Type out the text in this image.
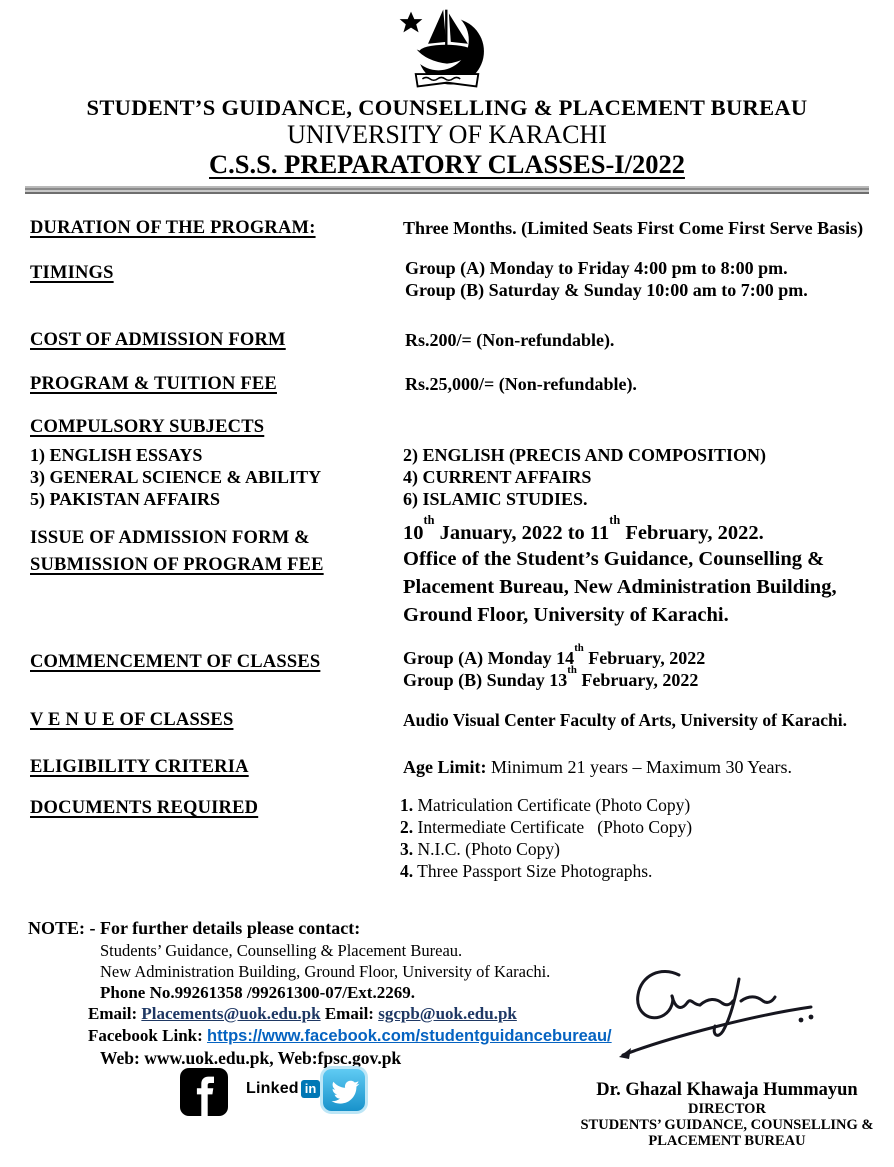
STUDENT’S GUIDANCE, COUNSELLING & PLACEMENT BUREAU
UNIVERSITY OF KARACHI
C.S.S. PREPARATORY CLASSES-I/2022
DURATION OF THE PROGRAM:	Three Months. (Limited Seats First Come First Serve Basis)
TIMINGS	Group (A) Monday to Friday 4:00 pm to 8:00 pm.
Group (B) Saturday & Sunday 10:00 am to 7:00 pm.
COST OF ADMISSION FORM	Rs.200/= (Non-refundable).
PROGRAM & TUITION FEE	Rs.25,000/= (Non-refundable).
COMPULSORY SUBJECTS
1) ENGLISH ESSAYS	2) ENGLISH (PRECIS AND COMPOSITION)
3) GENERAL SCIENCE & ABILITY	4) CURRENT AFFAIRS
5) PAKISTAN AFFAIRS	6) ISLAMIC STUDIES.
ISSUE OF ADMISSION FORM &
SUBMISSION OF PROGRAM FEE
10th January, 2022 to 11th February, 2022.
Office of the Student’s Guidance, Counselling &
Placement Bureau, New Administration Building,
Ground Floor, University of Karachi.
COMMENCEMENT OF CLASSES	Group (A) Monday 14th February, 2022
Group (B) Sunday 13th February, 2022
V E N U E OF CLASSES	Audio Visual Center Faculty of Arts, University of Karachi.
ELIGIBILITY CRITERIA	Age Limit: Minimum 21 years – Maximum 30 Years.
DOCUMENTS REQUIRED	1. Matriculation Certificate (Photo Copy)
2. Intermediate Certificate   (Photo Copy)
3. N.I.C. (Photo Copy)
4. Three Passport Size Photographs.
NOTE: - For further details please contact:
Students’ Guidance, Counselling & Placement Bureau.
New Administration Building, Ground Floor, University of Karachi.
Phone No.99261358 /99261300-07/Ext.2269.
Email: Placements@uok.edu.pk Email: sgcpb@uok.edu.pk
Facebook Link: https://www.facebook.com/studentguidancebureau/
Web: www.uok.edu.pk, Web:fpsc.gov.pk
Linked in	Dr. Ghazal Khawaja Hummayun
DIRECTOR
STUDENTS’ GUIDANCE, COUNSELLING &
PLACEMENT BUREAU
